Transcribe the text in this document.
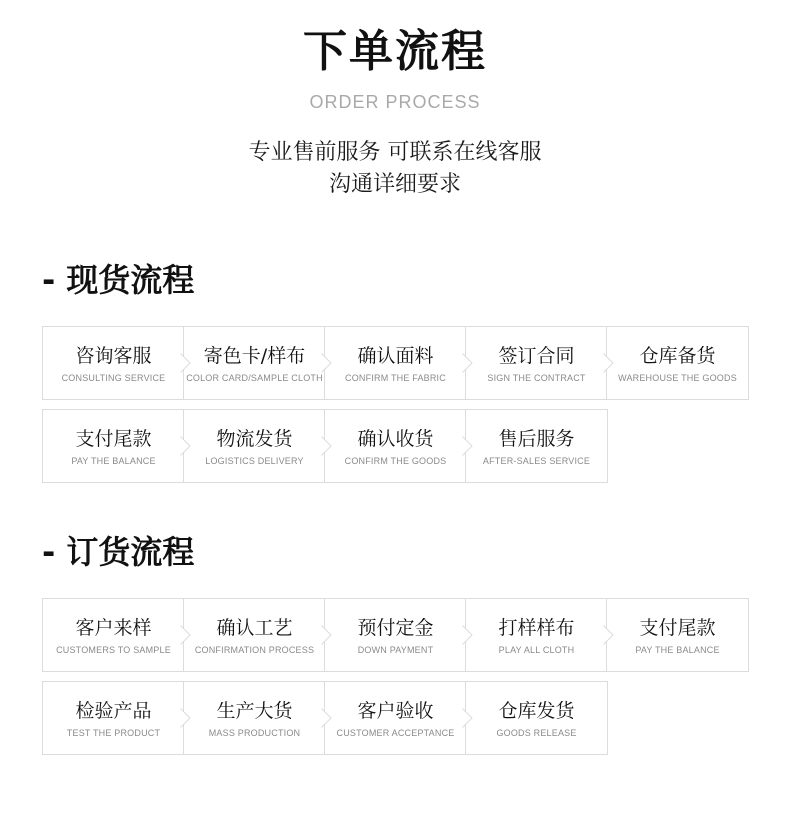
下单流程
ORDER PROCESS
专业售前服务 可联系在线客服
沟通详细要求
- 现货流程
咨询客服
CONSULTING SERVICE
寄色卡/样布
COLOR CARD/SAMPLE CLOTH
确认面料
CONFIRM THE FABRIC
签订合同
SIGN THE CONTRACT
仓库备货
WAREHOUSE THE GOODS
支付尾款
PAY THE BALANCE
物流发货
LOGISTICS DELIVERY
确认收货
CONFIRM THE GOODS
售后服务
AFTER-SALES SERVICE
- 订货流程
客户来样
CUSTOMERS TO SAMPLE
确认工艺
CONFIRMATION PROCESS
预付定金
DOWN PAYMENT
打样样布
PLAY ALL CLOTH
支付尾款
PAY THE BALANCE
检验产品
TEST THE PRODUCT
生产大货
MASS PRODUCTION
客户验收
CUSTOMER ACCEPTANCE
仓库发货
GOODS RELEASE
